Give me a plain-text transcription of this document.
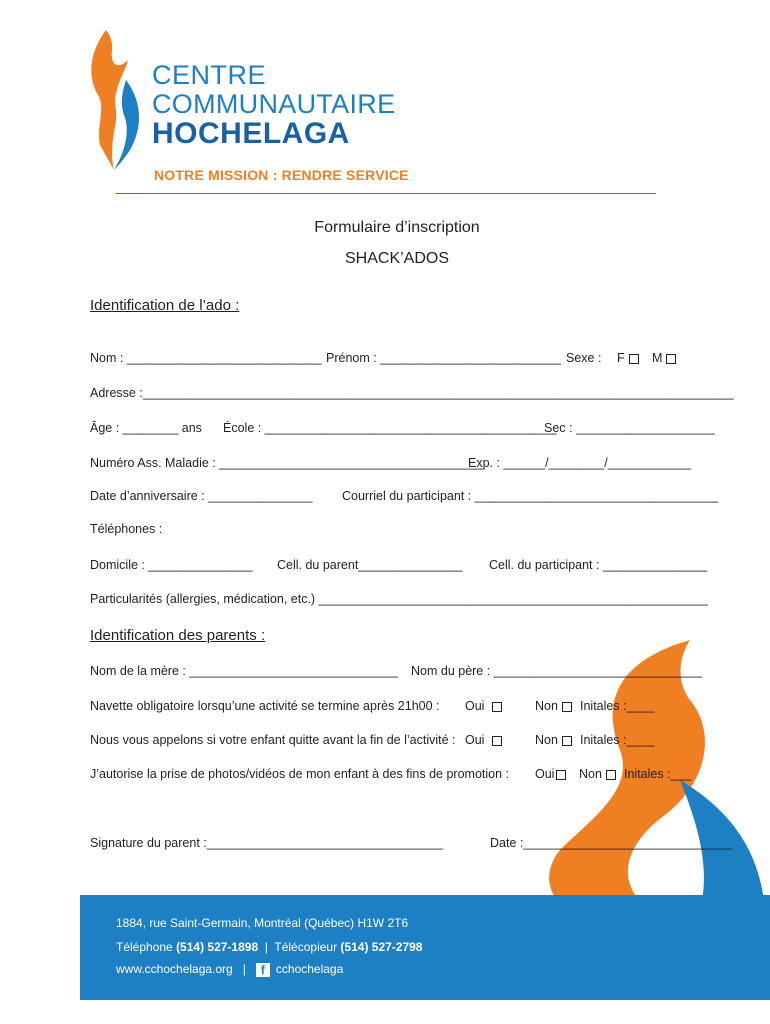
CENTRE
COMMUNAUTAIRE
HOCHELAGA
NOTRE MISSION : RENDRE SERVICE
Formulaire d’inscription
SHACK’ADOS
Identification de l’ado :
Nom : ____________________________ Prénom : __________________________ Sexe : F	M
Adresse :_____________________________________________________________________________________
Âge : ________ ans École : __________________________________________
Sec : ____________________
Numéro Ass. Maladie : ______________________________________
Exp. : ______/________/____________
Date d’anniversaire : _______________ Courriel du participant : ___________________________________
Téléphones :
Domicile : _______________ Cell. du parent_______________ Cell. du participant : _______________
Particularités (allergies, médication, etc.) ________________________________________________________
Identification des parents :
Nom de la mère : ______________________________ Nom du père : ______________________________
Navette obligatoire lorsqu’une activité se termine après 21h00 : Oui	Non	Initales :____
Nous vous appelons si votre enfant quitte avant la fin de l’activité : Oui	Non	Initales :____
J’autorise la prise de photos/vidéos de mon enfant à des fins de promotion : Oui	Non	Initales :___
Signature du parent :__________________________________	Date :______________________________
1884, rue Saint-Germain, Montréal (Québec) H1W 2T6
Téléphone (514) 527-1898 | Télécopieur (514) 527-2798
www.cchochelaga.org | f cchochelaga
